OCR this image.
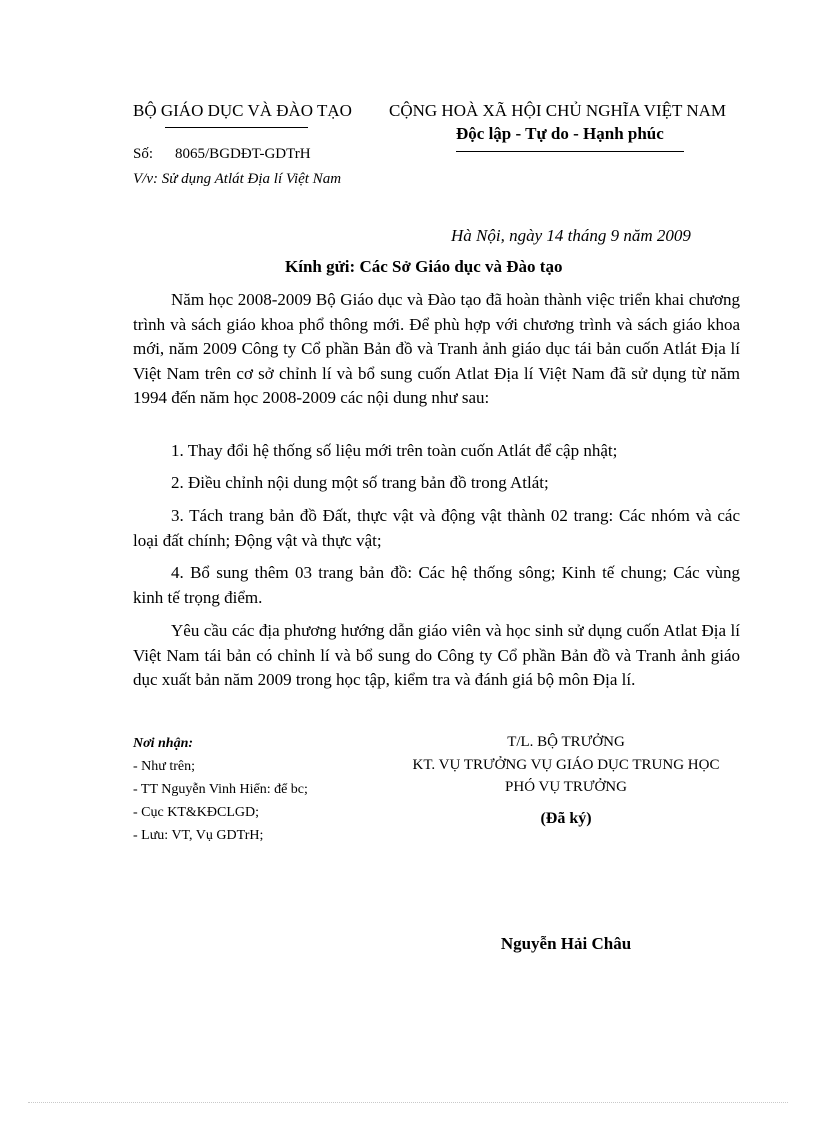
BỘ GIÁO DỤC VÀ ĐÀO TẠO CỘNG HOÀ XÃ HỘI CHỦ NGHĨA VIỆT NAM
Độc lập - Tự do - Hạnh phúc
Số: 8065/BGDĐT-GDTrH
V/v: Sử dụng Atlát Địa lí Việt Nam
Hà Nội, ngày 14 tháng 9 năm 2009
Kính gửi: Các Sở Giáo dục và Đào tạo
Năm học 2008-2009 Bộ Giáo dục và Đào tạo đã hoàn thành việc triển khai chương trình và sách giáo khoa phổ thông mới. Để phù hợp với chương trình và sách giáo khoa mới, năm 2009 Công ty Cổ phần Bản đồ và Tranh ảnh giáo dục tái bản cuốn Atlát Địa lí Việt Nam trên cơ sở chỉnh lí và bổ sung cuốn Atlat Địa lí Việt Nam đã sử dụng từ năm 1994 đến năm học 2008-2009 các nội dung như sau:
1. Thay đổi hệ thống số liệu mới trên toàn cuốn Atlát để cập nhật;
2. Điều chỉnh nội dung một số trang bản đồ trong Atlát;
3. Tách trang bản đồ Đất, thực vật và động vật thành 02 trang: Các nhóm và các loại đất chính; Động vật và thực vật;
4. Bổ sung thêm 03 trang bản đồ: Các hệ thống sông; Kinh tế chung; Các vùng kinh tế trọng điểm.
Yêu cầu các địa phương hướng dẫn giáo viên và học sinh sử dụng cuốn Atlat Địa lí Việt Nam tái bản có chỉnh lí và bổ sung do Công ty Cổ phần Bản đồ và Tranh ảnh giáo dục xuất bản năm 2009 trong học tập, kiểm tra và đánh giá bộ môn Địa lí.
Nơi nhận:
- Như trên;
- TT Nguyễn Vinh Hiển: để bc;
- Cục KT&KĐCLGD;
- Lưu: VT, Vụ GDTrH;
T/L. BỘ TRƯỞNG
KT. VỤ TRƯỞNG VỤ GIÁO DỤC TRUNG HỌC
PHÓ VỤ TRƯỞNG
(Đã ký)
Nguyễn Hải Châu
